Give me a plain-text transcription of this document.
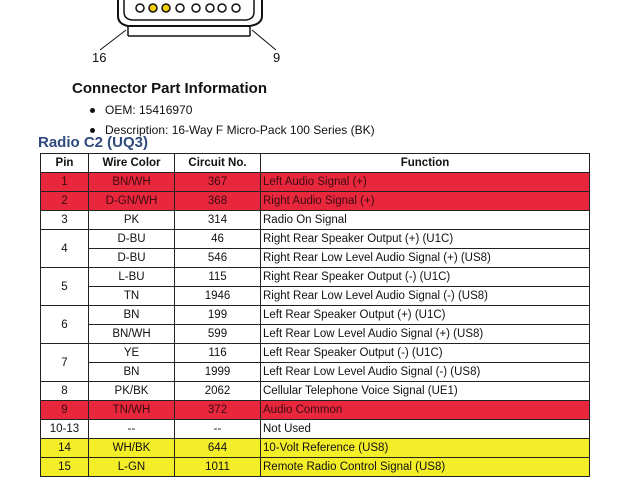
16	9
Connector Part Information
OEM: 15416970
Description: 16-Way F Micro-Pack 100 Series (BK)
Radio C2 (UQ3)
Pin	Wire Color	Circuit No.	Function
1	BN/WH	367	Left Audio Signal (+)
2	D-GN/WH	368	Right Audio Signal (+)
3	PK	314	Radio On Signal
4	D-BU	46	Right Rear Speaker Output (+) (U1C)
	D-BU	546	Right Rear Low Level Audio Signal (+) (US8)
5	L-BU	115	Right Rear Speaker Output (-) (U1C)
	TN	1946	Right Rear Low Level Audio Signal (-) (US8)
6	BN	199	Left Rear Speaker Output (+) (U1C)
	BN/WH	599	Left Rear Low Level Audio Signal (+) (US8)
7	YE	116	Left Rear Speaker Output (-) (U1C)
	BN	1999	Left Rear Low Level Audio Signal (-) (US8)
8	PK/BK	2062	Cellular Telephone Voice Signal (UE1)
9	TN/WH	372	Audio Common
10-13	--	--	Not Used
14	WH/BK	644	10-Volt Reference (US8)
15	L-GN	1011	Remote Radio Control Signal (US8)
